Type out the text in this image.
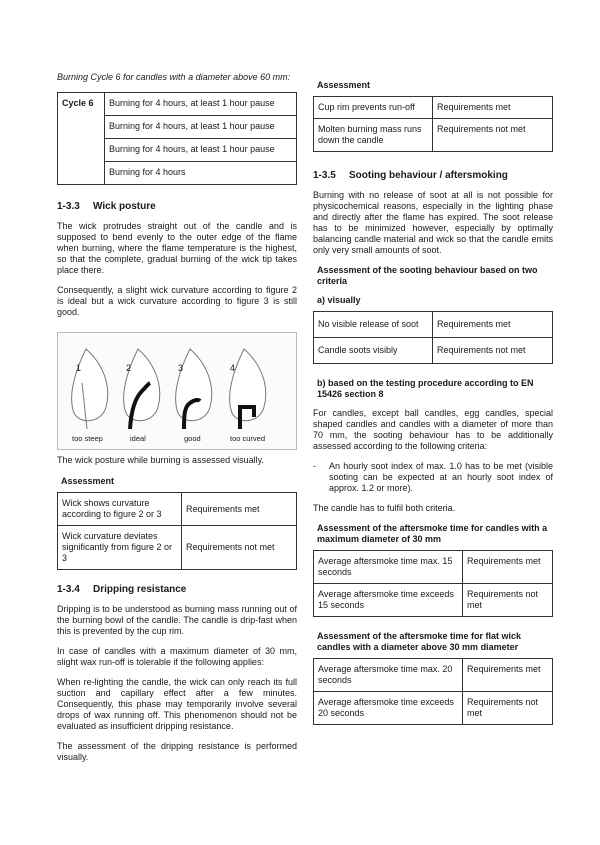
Burning Cycle 6 for candles with a diameter above 60 mm:

Cycle 6	Burning for 4 hours, at least 1 hour pause
Burning for 4 hours, at least 1 hour pause
Burning for 4 hours, at least 1 hour pause
Burning for 4 hours
1-3.3 Wick posture

The wick protrudes straight out of the candle and is supposed to bend evenly to the outer edge of the flame when burning, where the flame temperature is the highest, so that the complete, gradual burning of the wick tip takes place there.

Consequently, a slight wick curvature according to figure 2 is ideal but a wick curvature according to figure 3 is still good.

1	2	3	4
too steep	ideal	good	too curved

The wick posture while burning is assessed visually.

Assessment
Wick shows curvature according to figure 2 or 3	Requirements met
Wick curvature deviates significantly from figure 2 or 3	Requirements not met
1-3.4 Dripping resistance

Dripping is to be understood as burning mass running out of the burning bowl of the candle. The candle is drip-fast when this is prevented by the cup rim.

In case of candles with a maximum diameter of 30 mm, slight wax run-off is tolerable if the following applies:

When re-lighting the candle, the wick can only reach its full suction and capillary effect after a few minutes. Consequently, this phase may temporarily involve several drops of wax running off. This phenomenon should not be evaluated as insufficient dripping resistance.

The assessment of the dripping resistance is performed visually.

Assessment
Cup rim prevents run-off	Requirements met
Molten burning mass runs down the candle	Requirements not met
1-3.5 Sooting behaviour / aftersmoking

Burning with no release of soot at all is not possible for physicochemical reasons, especially in the lighting phase and directly after the flame has expired. The soot release has to be minimized however, especially by optimally balancing candle material and wick so that the candle emits only very small amounts of soot.

Assessment of the sooting behaviour based on two criteria
a) visually
No visible release of soot	Requirements met
Candle soots visibly	Requirements not met
b) based on the testing procedure according to EN 15426 section 8

For candles, except ball candles, egg candles, special shaped candles and candles with a diameter of more than 70 mm, the sooting behaviour has to be additionally assessed according to the following criteria:

-	An hourly soot index of max. 1.0 has to be met (visible sooting can be expected at an hourly soot index of approx. 1.2 or more).

The candle has to fulfil both criteria.

Assessment of the aftersmoke time for candles with a maximum diameter of 30 mm
Average aftersmoke time max. 15 seconds	Requirements met
Average aftersmoke time exceeds 15 seconds	Requirements not met
Assessment of the aftersmoke time for flat wick candles with a diameter above 30 mm diameter
Average aftersmoke time max. 20 seconds	Requirements met
Average aftersmoke time exceeds 20 seconds	Requirements not met
